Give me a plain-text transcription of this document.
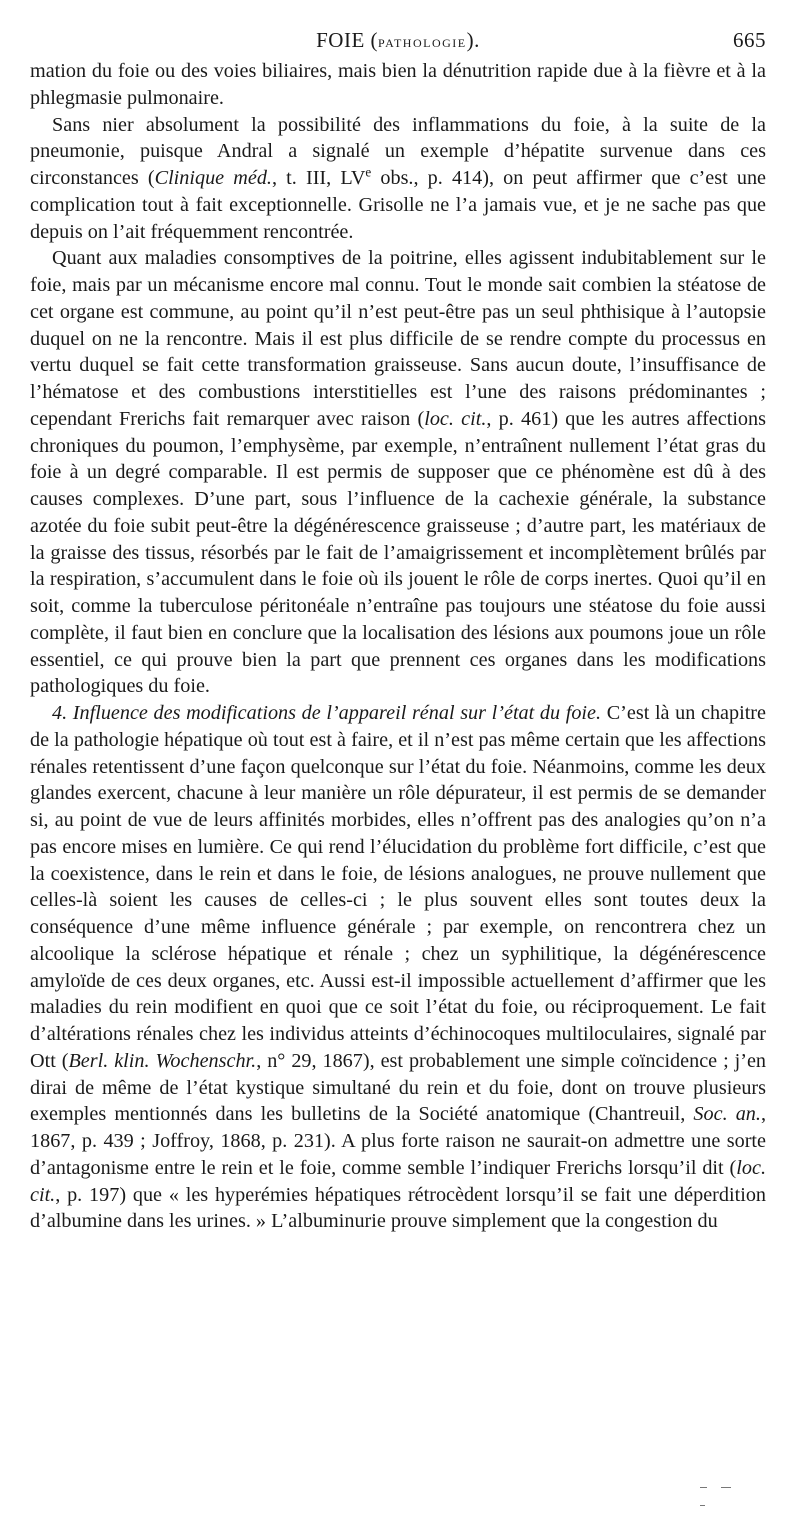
FOIE (pathologie).	665

mation du foie ou des voies biliaires, mais bien la dénutrition rapide due à la fièvre et à la phlegmasie pulmonaire.

Sans nier absolument la possibilité des inflammations du foie, à la suite de la pneumonie, puisque Andral a signalé un exemple d’hépatite survenue dans ces circonstances (Clinique méd., t. III, LVe obs., p. 414), on peut affirmer que c’est une complication tout à fait exceptionnelle. Grisolle ne l’a jamais vue, et je ne sache pas que depuis on l’ait fréquemment rencontrée.

Quant aux maladies consomptives de la poitrine, elles agissent indubitablement sur le foie, mais par un mécanisme encore mal connu. Tout le monde sait combien la stéatose de cet organe est commune, au point qu’il n’est peut-être pas un seul phthisique à l’autopsie duquel on ne la rencontre. Mais il est plus difficile de se rendre compte du processus en vertu duquel se fait cette transformation graisseuse. Sans aucun doute, l’insuffisance de l’hématose et des combustions interstitielles est l’une des raisons prédominantes ; cependant Frerichs fait remarquer avec raison (loc. cit., p. 461) que les autres affections chroniques du poumon, l’emphysème, par exemple, n’entraînent nullement l’état gras du foie à un degré comparable. Il est permis de supposer que ce phénomène est dû à des causes complexes. D’une part, sous l’influence de la cachexie générale, la substance azotée du foie subit peut-être la dégénérescence graisseuse ; d’autre part, les matériaux de la graisse des tissus, résorbés par le fait de l’amaigrissement et incomplètement brûlés par la respiration, s’accumulent dans le foie où ils jouent le rôle de corps inertes. Quoi qu’il en soit, comme la tuberculose péritonéale n’entraîne pas toujours une stéatose du foie aussi complète, il faut bien en conclure que la localisation des lésions aux poumons joue un rôle essentiel, ce qui prouve bien la part que prennent ces organes dans les modifications pathologiques du foie.

4. Influence des modifications de l’appareil rénal sur l’état du foie. C’est là un chapitre de la pathologie hépatique où tout est à faire, et il n’est pas même certain que les affections rénales retentissent d’une façon quelconque sur l’état du foie. Néanmoins, comme les deux glandes exercent, chacune à leur manière un rôle dépurateur, il est permis de se demander si, au point de vue de leurs affinités morbides, elles n’offrent pas des analogies qu’on n’a pas encore mises en lumière. Ce qui rend l’élucidation du problème fort difficile, c’est que la coexistence, dans le rein et dans le foie, de lésions analogues, ne prouve nullement que celles-là soient les causes de celles-ci ; le plus souvent elles sont toutes deux la conséquence d’une même influence générale ; par exemple, on rencontrera chez un alcoolique la sclérose hépatique et rénale ; chez un syphilitique, la dégénérescence amyloïde de ces deux organes, etc. Aussi est-il impossible actuellement d’affirmer que les maladies du rein modifient en quoi que ce soit l’état du foie, ou réciproquement. Le fait d’altérations rénales chez les individus atteints d’échinocoques multiloculaires, signalé par Ott (Berl. klin. Wochenschr., n° 29, 1867), est probablement une simple coïncidence ; j’en dirai de même de l’état kystique simultané du rein et du foie, dont on trouve plusieurs exemples mentionnés dans les bulletins de la Société anatomique (Chantreuil, Soc. an., 1867, p. 439 ; Joffroy, 1868, p. 231). A plus forte raison ne saurait-on admettre une sorte d’antagonisme entre le rein et le foie, comme semble l’indiquer Frerichs lorsqu’il dit (loc. cit., p. 197) que « les hyperémies hépatiques rétrocèdent lorsqu’il se fait une déperdition d’albumine dans les urines. » L’albuminurie prouve simplement que la congestion du
